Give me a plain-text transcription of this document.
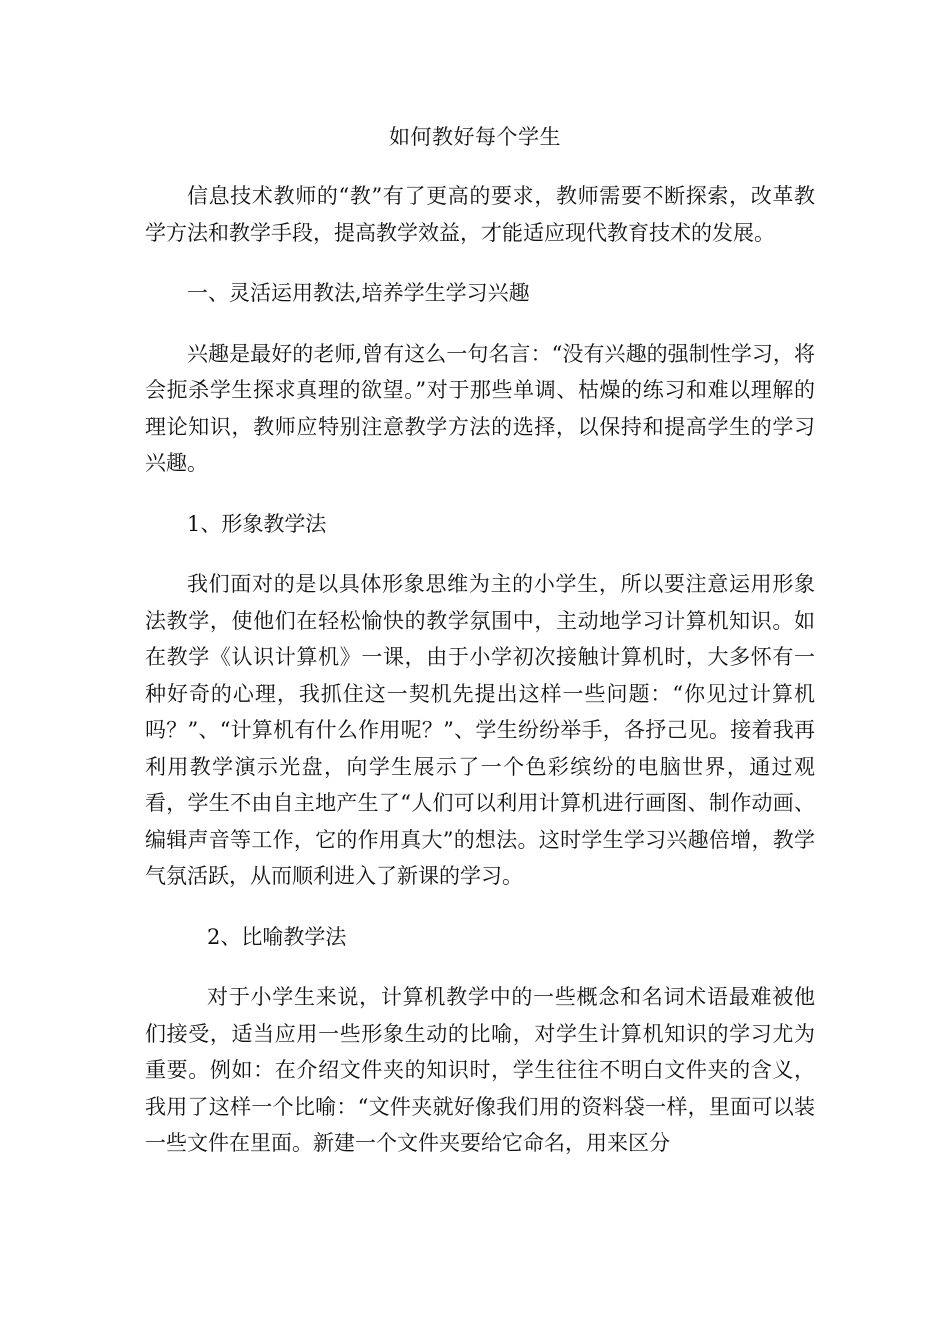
如何教好每个学生

信息技术教师的“教”有了更高的要求，教师需要不断探索，改革教学方法和教学手段，提高教学效益，才能适应现代教育技术的发展。

一、灵活运用教法,培养学生学习兴趣

兴趣是最好的老师,曾有这么一句名言：“没有兴趣的强制性学习，将会扼杀学生探求真理的欲望。”对于那些单调、枯燥的练习和难以理解的理论知识，教师应特别注意教学方法的选择，以保持和提高学生的学习兴趣。

1、形象教学法

我们面对的是以具体形象思维为主的小学生，所以要注意运用形象法教学，使他们在轻松愉快的教学氛围中，主动地学习计算机知识。如在教学《认识计算机》一课，由于小学初次接触计算机时，大多怀有一种好奇的心理，我抓住这一契机先提出这样一些问题：“你见过计算机吗？”、“计算机有什么作用呢？”、学生纷纷举手，各抒己见。接着我再利用教学演示光盘，向学生展示了一个色彩缤纷的电脑世界，通过观看，学生不由自主地产生了“人们可以利用计算机进行画图、制作动画、编辑声音等工作，它的作用真大”的想法。这时学生学习兴趣倍增，教学气氛活跃，从而顺利进入了新课的学习。

2、比喻教学法

对于小学生来说，计算机教学中的一些概念和名词术语最难被他们接受，适当应用一些形象生动的比喻，对学生计算机知识的学习尤为重要。例如：在介绍文件夹的知识时，学生往往不明白文件夹的含义，我用了这样一个比喻：“文件夹就好像我们用的资料袋一样，里面可以装一些文件在里面。新建一个文件夹要给它命名，用来区分
